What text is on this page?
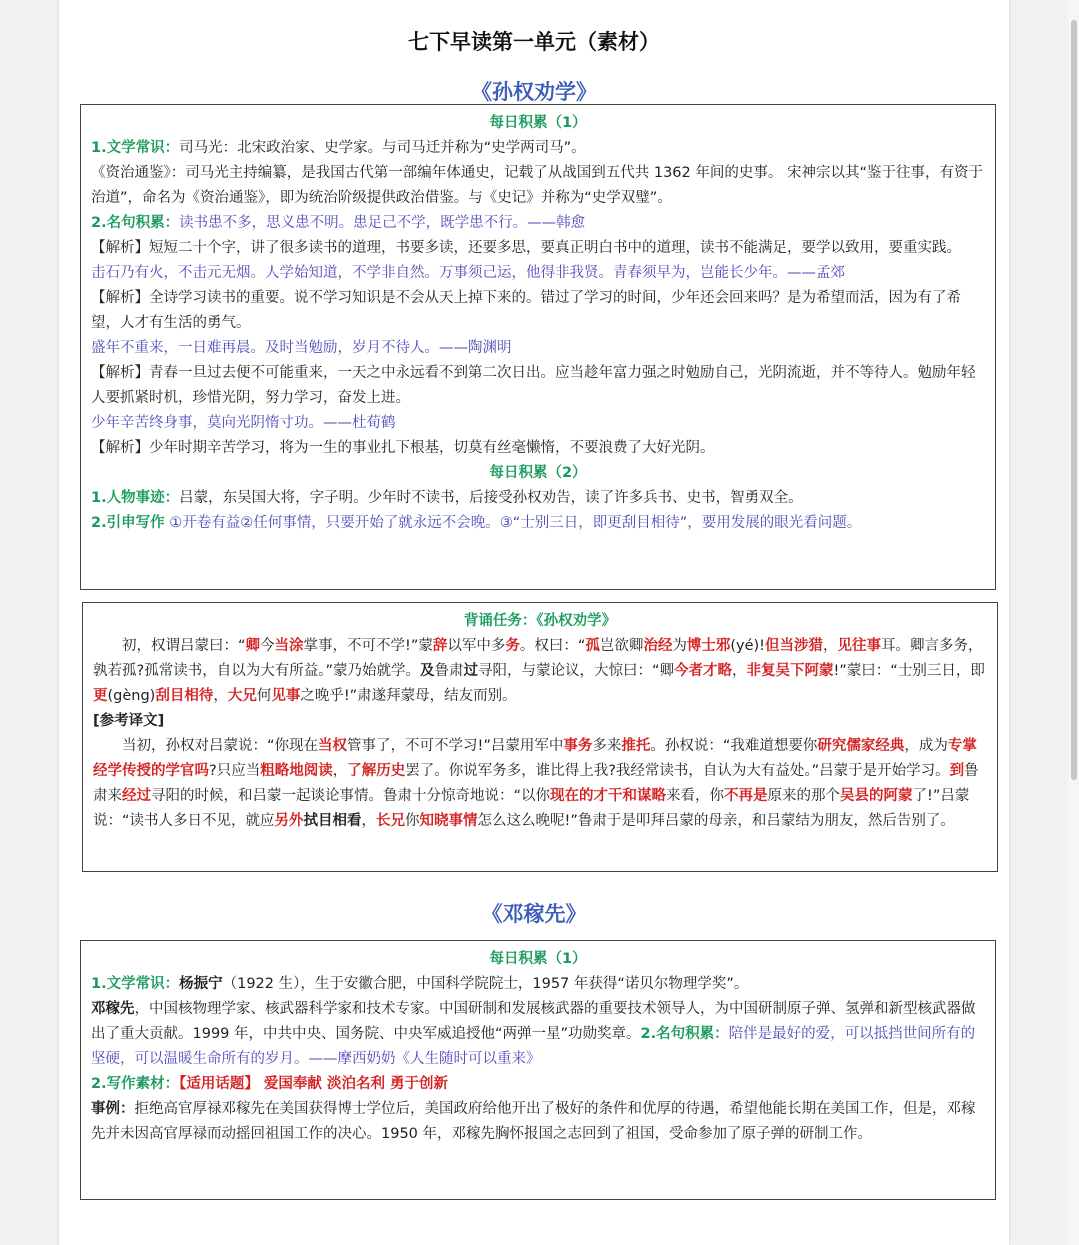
七下早读第一单元（素材）
《孙权劝学》

每日积累（1）

1.文学常识：司马光：北宋政治家、史学家。与司马迁并称为“史学两司马”。

《资治通鉴》：司马光主持编纂，是我国古代第一部编年体通史，记载了从战国到五代共 1362 年间的史事。 宋神宗以其“鉴于往事，有资于治道”，命名为《资治通鉴》，即为统治阶级提供政治借鉴。与《史记》并称为“史学双璧”。

2.名句积累：读书患不多，思义患不明。患足己不学，既学患不行。——韩愈

【解析】短短二十个字，讲了很多读书的道理，书要多读，还要多思，要真正明白书中的道理，读书不能满足，要学以致用，要重实践。

击石乃有火，不击元无烟。人学始知道，不学非自然。万事须己运，他得非我贤。青春须早为，岂能长少年。——孟郊

【解析】全诗学习读书的重要。说不学习知识是不会从天上掉下来的。错过了学习的时间，少年还会回来吗？是为希望而活，因为有了希望，人才有生活的勇气。

盛年不重来，一日难再晨。及时当勉励，岁月不待人。——陶渊明

【解析】青春一旦过去便不可能重来，一天之中永远看不到第二次日出。应当趁年富力强之时勉励自己，光阴流逝，并不等待人。勉励年轻人要抓紧时机，珍惜光阴，努力学习，奋发上进。

少年辛苦终身事，莫向光阴惰寸功。——杜荀鹤

【解析】少年时期辛苦学习，将为一生的事业扎下根基，切莫有丝毫懒惰，不要浪费了大好光阴。

每日积累（2）

1.人物事迹：吕蒙，东吴国大将，字子明。少年时不读书，后接受孙权劝告，读了许多兵书、史书，智勇双全。

2.引申写作 ①开卷有益②任何事情，只要开始了就永远不会晚。③“士别三日，即更刮目相待”，要用发展的眼光看问题。

背诵任务：《孙权劝学》

初，权谓吕蒙曰：“卿今当涂掌事，不可不学!”蒙辞以军中多务。权曰：“孤岂欲卿治经为博士邪(yé)!但当涉猎，见往事耳。卿言多务，孰若孤?孤常读书，自以为大有所益。”蒙乃始就学。及鲁肃过寻阳，与蒙论议，大惊曰：“卿今者才略，非复吴下阿蒙!”蒙曰：“士别三日，即更(gèng)刮目相待，大兄何见事之晚乎!”肃遂拜蒙母，结友而别。

[参考译文]

当初，孙权对吕蒙说：“你现在当权管事了，不可不学习!”吕蒙用军中事务多来推托。孙权说：“我难道想要你研究儒家经典，成为专掌经学传授的学官吗?只应当粗略地阅读，了解历史罢了。你说军务多，谁比得上我?我经常读书，自认为大有益处。”吕蒙于是开始学习。到鲁肃来经过寻阳的时候，和吕蒙一起谈论事情。鲁肃十分惊奇地说：“以你现在的才干和谋略来看，你不再是原来的那个吴县的阿蒙了!”吕蒙说：“读书人多日不见，就应另外拭目相看，长兄你知晓事情怎么这么晚呢!”鲁肃于是叩拜吕蒙的母亲，和吕蒙结为朋友，然后告别了。

《邓稼先》

每日积累（1）

1.文学常识：杨振宁（1922 生），生于安徽合肥，中国科学院院士，1957 年获得“诺贝尔物理学奖”。

邓稼先，中国核物理学家、核武器科学家和技术专家。中国研制和发展核武器的重要技术领导人，为中国研制原子弹、氢弹和新型核武器做出了重大贡献。1999 年，中共中央、国务院、中央军威追授他“两弹一星”功勋奖章。2.名句积累：陪伴是最好的爱，可以抵挡世间所有的坚硬，可以温暖生命所有的岁月。——摩西奶奶《人生随时可以重来》

2.写作素材：【适用话题】 爱国奉献 淡泊名利 勇于创新

事例：拒绝高官厚禄邓稼先在美国获得博士学位后，美国政府给他开出了极好的条件和优厚的待遇，希望他能长期在美国工作，但是，邓稼先并未因高官厚禄而动摇回祖国工作的决心。1950 年，邓稼先胸怀报国之志回到了祖国，受命参加了原子弹的研制工作。
